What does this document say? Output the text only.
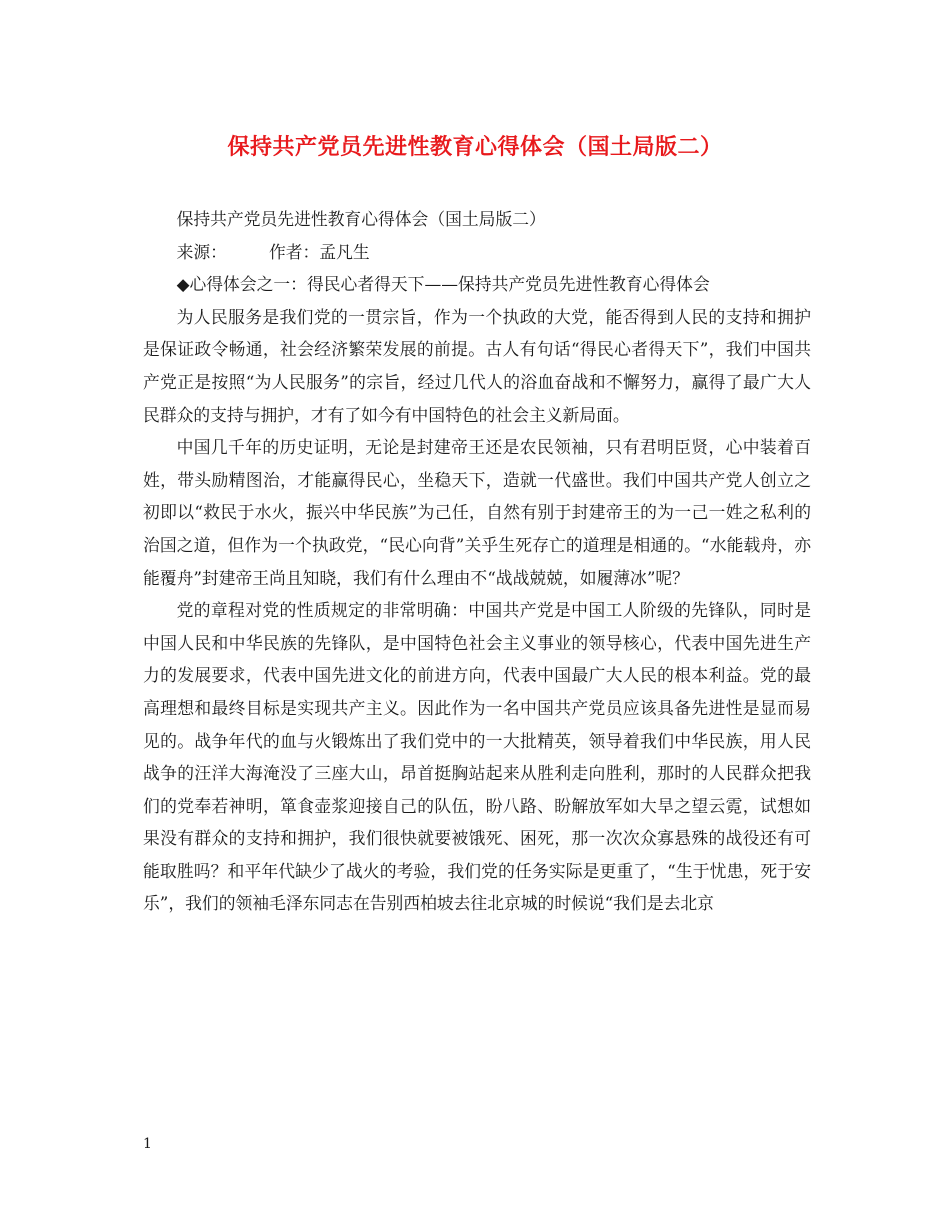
保持共产党员先进性教育心得体会（国土局版二）

保持共产党员先进性教育心得体会（国土局版二）

来源：	作者：孟凡生

◆心得体会之一：得民心者得天下——保持共产党员先进性教育心得体会

为人民服务是我们党的一贯宗旨，作为一个执政的大党，能否得到人民的支持和拥护是保证政令畅通，社会经济繁荣发展的前提。古人有句话“得民心者得天下”，我们中国共产党正是按照“为人民服务”的宗旨，经过几代人的浴血奋战和不懈努力，赢得了最广大人民群众的支持与拥护，才有了如今有中国特色的社会主义新局面。

中国几千年的历史证明，无论是封建帝王还是农民领袖，只有君明臣贤，心中装着百姓，带头励精图治，才能赢得民心，坐稳天下，造就一代盛世。我们中国共产党人创立之初即以“救民于水火，振兴中华民族”为己任，自然有别于封建帝王的为一己一姓之私利的治国之道，但作为一个执政党，“民心向背”关乎生死存亡的道理是相通的。“水能载舟，亦能覆舟”封建帝王尚且知晓，我们有什么理由不“战战兢兢，如履薄冰”呢？

党的章程对党的性质规定的非常明确：中国共产党是中国工人阶级的先锋队，同时是中国人民和中华民族的先锋队，是中国特色社会主义事业的领导核心，代表中国先进生产力的发展要求，代表中国先进文化的前进方向，代表中国最广大人民的根本利益。党的最高理想和最终目标是实现共产主义。因此作为一名中国共产党员应该具备先进性是显而易见的。战争年代的血与火锻炼出了我们党中的一大批精英，领导着我们中华民族，用人民战争的汪洋大海淹没了三座大山，昂首挺胸站起来从胜利走向胜利，那时的人民群众把我们的党奉若神明，箪食壶浆迎接自己的队伍，盼八路、盼解放军如大旱之望云霓，试想如果没有群众的支持和拥护，我们很快就要被饿死、困死，那一次次众寡悬殊的战役还有可能取胜吗？和平年代缺少了战火的考验，我们党的任务实际是更重了，“生于忧患，死于安乐”，我们的领袖毛泽东同志在告别西柏坡去往北京城的时候说“我们是去北京

1
